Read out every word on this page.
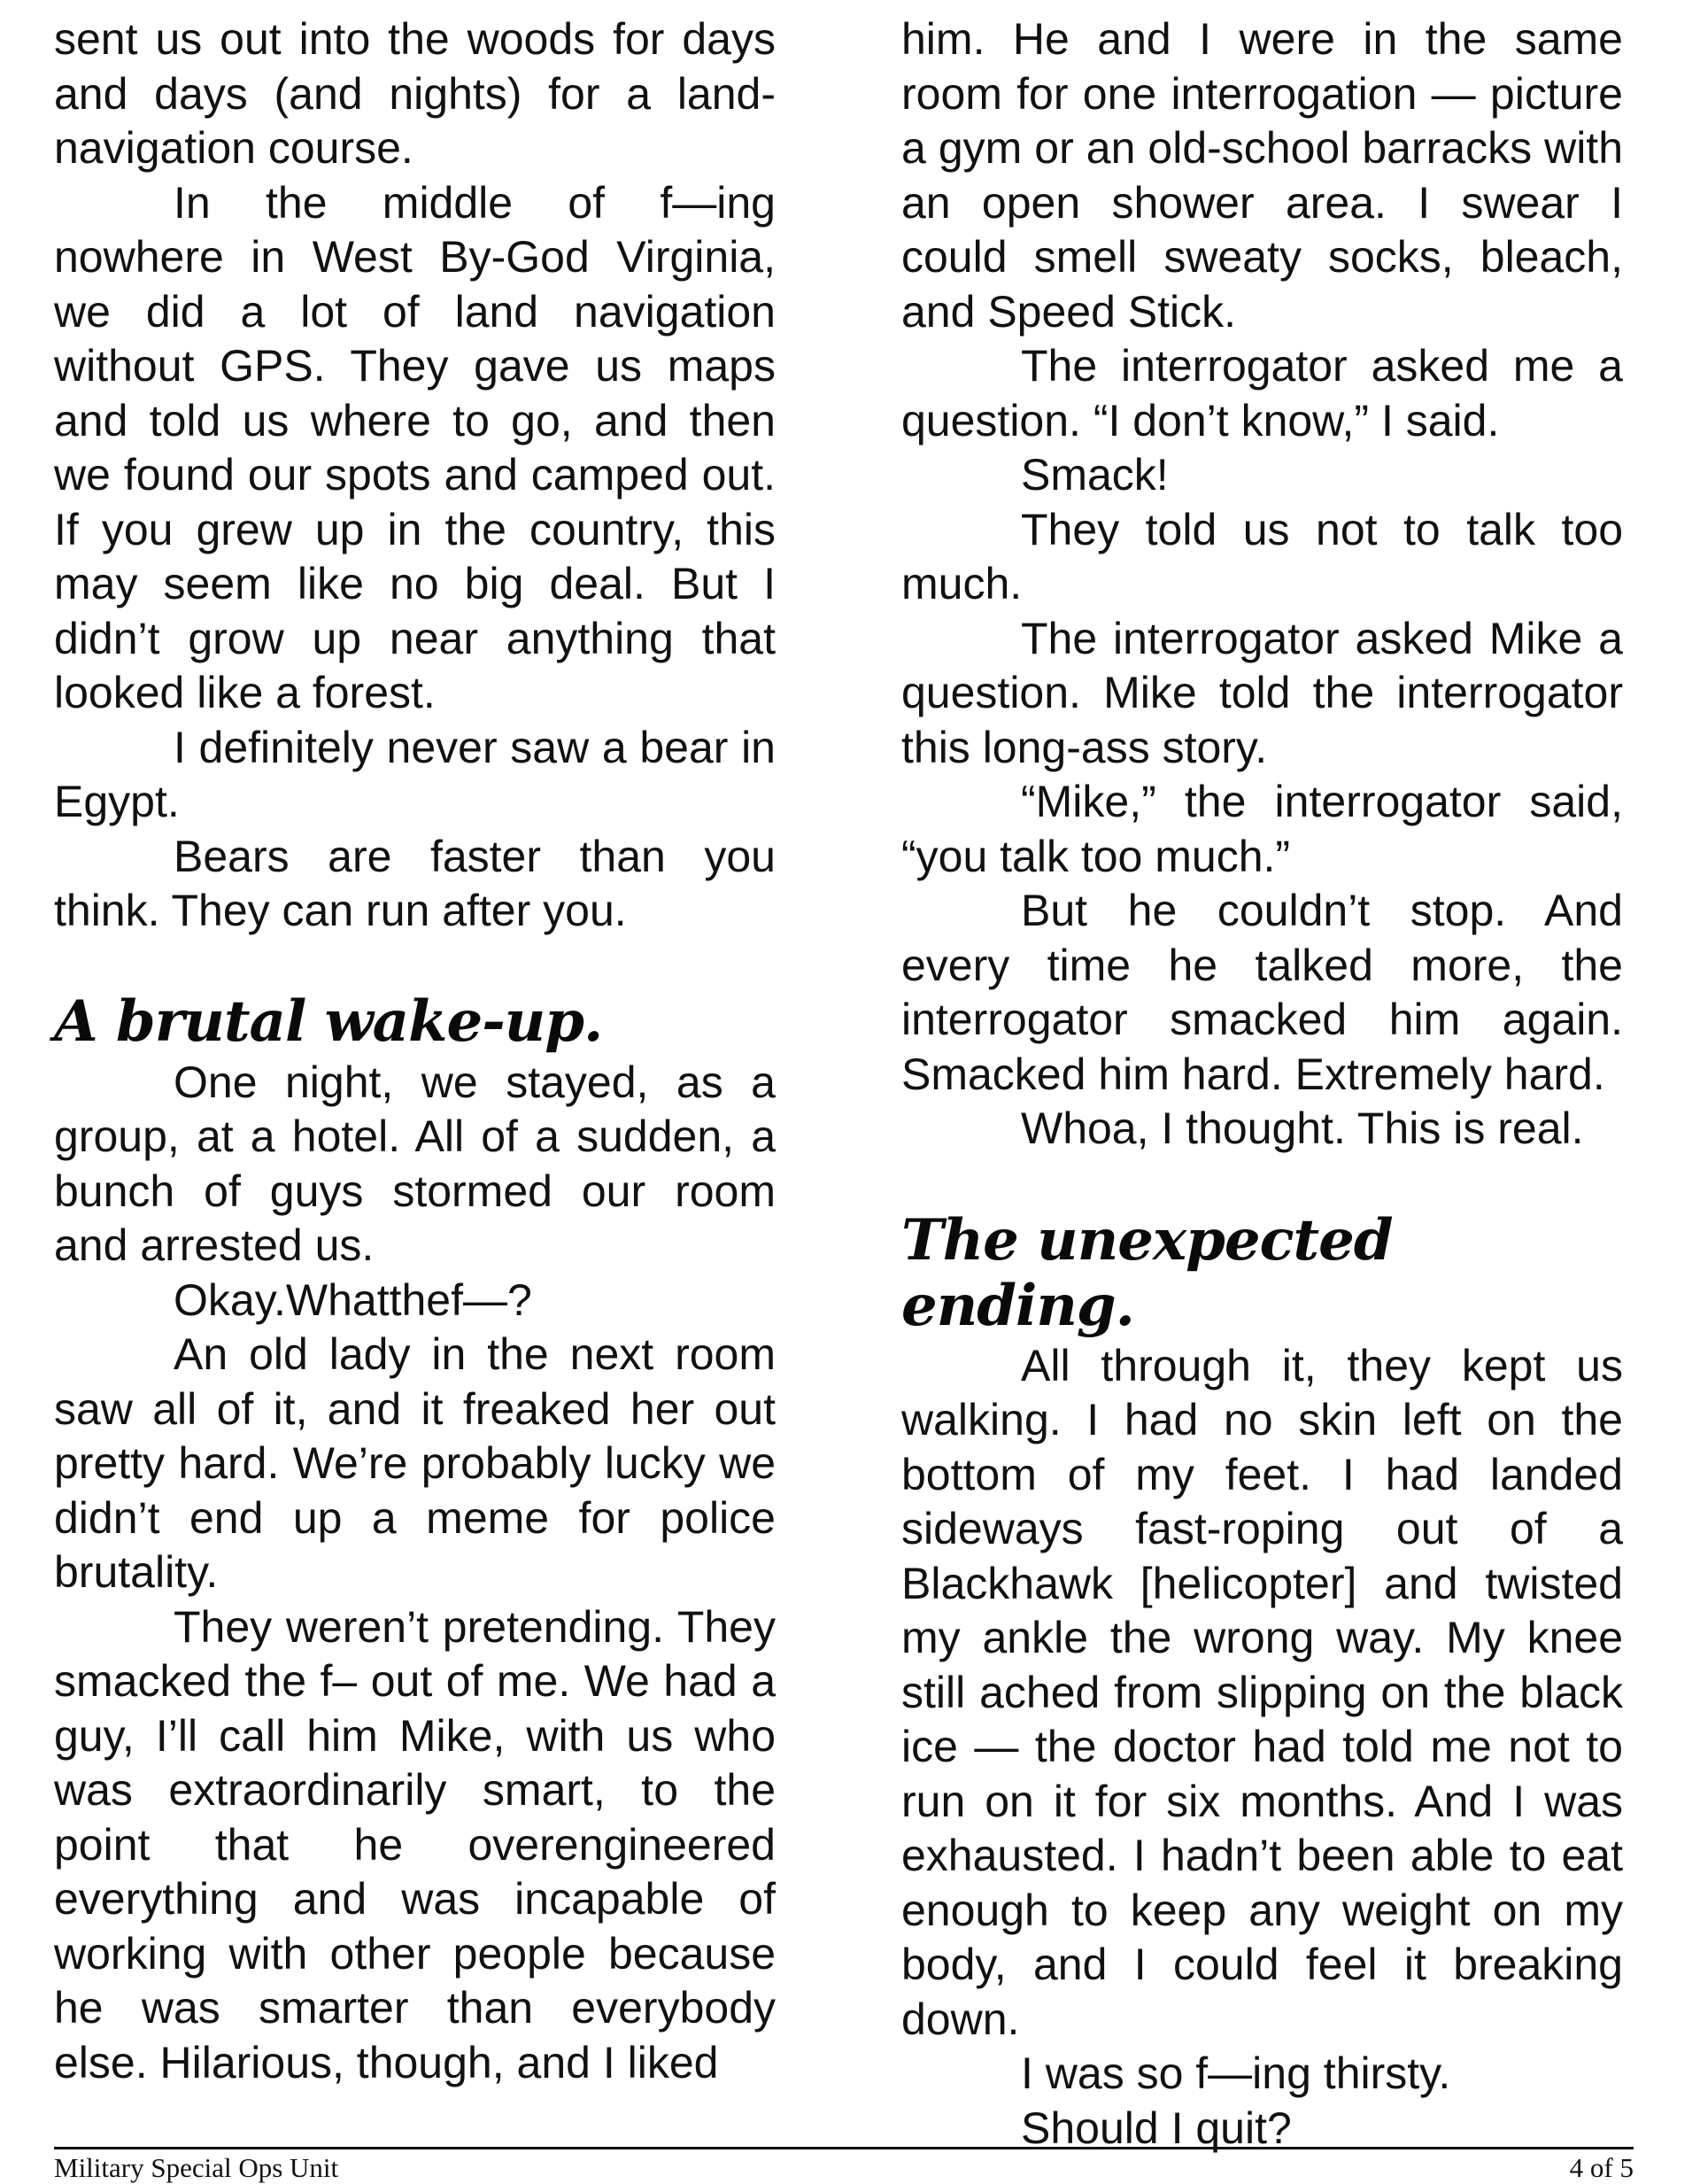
sent us out into the woods for days and days (and nights) for a land-navigation course.

In the middle of f—ing nowhere in West By-God Virginia, we did a lot of land navigation without GPS. They gave us maps and told us where to go, and then we found our spots and camped out. If you grew up in the country, this may seem like no big deal. But I didn’t grow up near anything that looked like a forest.

I definitely never saw a bear in Egypt.

Bears are faster than you think. They can run after you.

A brutal wake-up.

One night, we stayed, as a group, at a hotel. All of a sudden, a bunch of guys stormed our room and arrested us.

Okay.Whatthef—?

An old lady in the next room saw all of it, and it freaked her out pretty hard. We’re probably lucky we didn’t end up a meme for police brutality.

They weren’t pretending. They smacked the f– out of me. We had a guy, I’ll call him Mike, with us who was extraordinarily smart, to the point that he overengineered everything and was incapable of working with other people because he was smarter than everybody else. Hilarious, though, and I liked

him. He and I were in the same room for one interrogation — picture a gym or an old-school barracks with an open shower area. I swear I could smell sweaty socks, bleach, and Speed Stick.

The interrogator asked me a question. “I don’t know,” I said.

Smack!

They told us not to talk too much.

The interrogator asked Mike a question. Mike told the interrogator this long-ass story.

“Mike,” the interrogator said, “you talk too much.”

But he couldn’t stop. And every time he talked more, the interrogator smacked him again. Smacked him hard. Extremely hard.

Whoa, I thought. This is real.

The unexpected ending.

All through it, they kept us walking. I had no skin left on the bottom of my feet. I had landed sideways fast-roping out of a Blackhawk [helicopter] and twisted my ankle the wrong way. My knee still ached from slipping on the black ice — the doctor had told me not to run on it for six months. And I was exhausted. I hadn’t been able to eat enough to keep any weight on my body, and I could feel it breaking down.

I was so f—ing thirsty.

Should I quit?

Military Special Ops Unit	4 of 5
